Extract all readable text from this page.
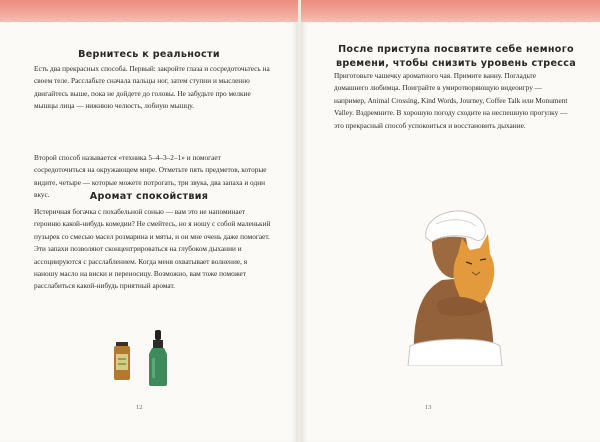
Вернитесь к реальности

Есть два прекрасных способа. Первый: закройте глаза и сосредоточьтесь на своем теле. Расслабьте сначала пальцы ног, затем ступни и мысленно двигайтесь выше, пока не дойдете до головы. Не забудьте про мелкие мышцы лица — нижнюю челюсть, лобную мышцу.

Второй способ называется «техника 5–4–3–2–1» и помогает сосредоточиться на окружающем мире. Отметьте пять предметов, которые видите, четыре — которые можете потрогать, три звука, два запаха и один вкус.	Аромат спокойствия

Истеричная богачка с похабельной сонью — вам это не напоминает героиню какой-нибудь комедии? Не смейтесь, но я ношу с собой маленький пузырек со смесью масел розмарина и мяты, и он мне очень даже помогает. Эти запахи позволяют сконцентрироваться на глубоком дыхании и ассоциируются с расслаблением. Когда меня охватывает волнение, я наношу масло на виски и переносицу. Возможно, вам тоже поможет расслабиться какой-нибудь приятный аромат.

12
После приступа посвятите себе немного времени, чтобы снизить уровень стресса

Приготовьте чашечку ароматного чая. Примите ванну. Погладьте домашнего любимца. Поиграйте в умиротворяющую видеоигру — например, Animal Crossing, Kind Words, Journey, Coffee Talk или Monument Valley. Вздремните. В хорошую погоду сходите на неспешную прогулку — это прекрасный способ успокоиться и восстановить дыхание.

13
